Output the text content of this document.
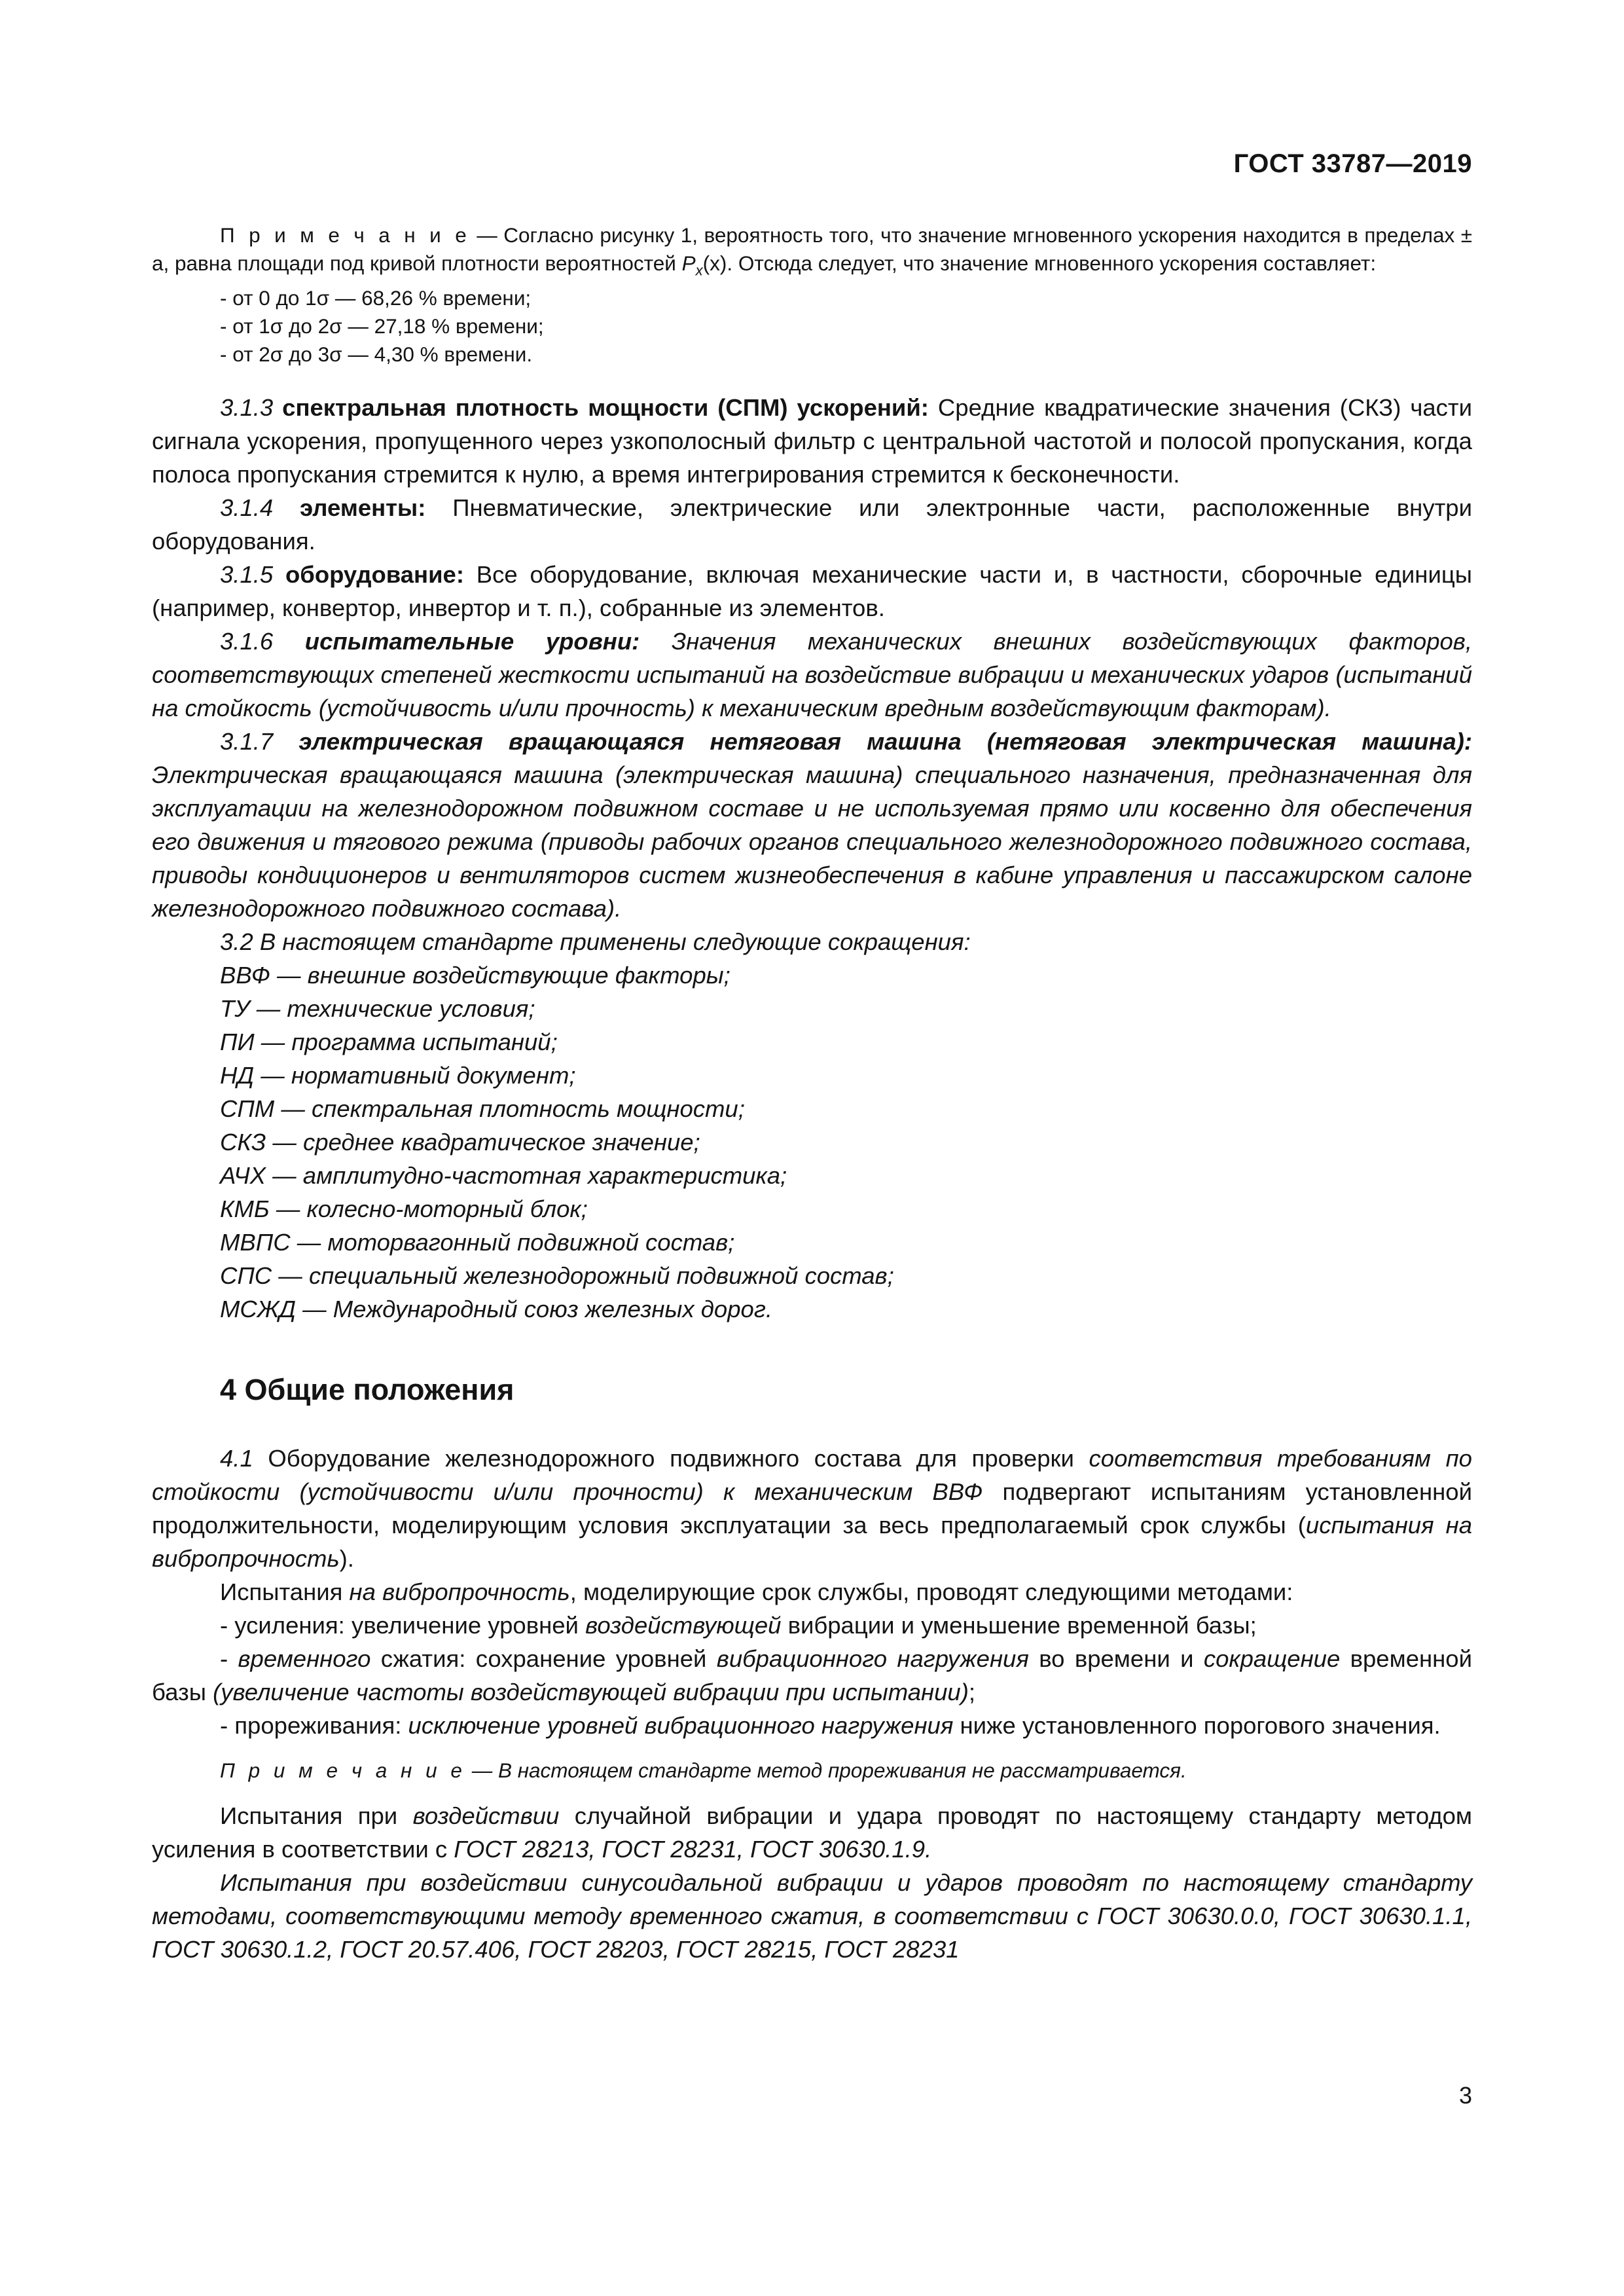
ГОСТ 33787—2019
П р и м е ч а н и е — Согласно рисунку 1, вероятность того, что значение мгновенного ускорения находится в пределах ± а, равна площади под кривой плотности вероятностей $P_x(x)$. Отсюда следует, что значение мгновенного ускорения составляет:
- от 0 до 1σ — 68,26 % времени;
- от 1σ до 2σ — 27,18 % времени;
- от 2σ до 3σ — 4,30 % времени.
3.1.3 спектральная плотность мощности (СПМ) ускорений: Средние квадратические значения (СКЗ) части сигнала ускорения, пропущенного через узкополосный фильтр с центральной частотой и полосой пропускания, когда полоса пропускания стремится к нулю, а время интегрирования стремится к бесконечности.
3.1.4 элементы: Пневматические, электрические или электронные части, расположенные внутри оборудования.
3.1.5 оборудование: Все оборудование, включая механические части и, в частности, сборочные единицы (например, конвертор, инвертор и т. п.), собранные из элементов.
3.1.6 испытательные уровни: Значения механических внешних воздействующих факторов, соответствующих степеней жесткости испытаний на воздействие вибрации и механических ударов (испытаний на стойкость (устойчивость и/или прочность) к механическим вредным воздействующим факторам).
3.1.7 электрическая вращающаяся нетяговая машина (нетяговая электрическая машина): Электрическая вращающаяся машина (электрическая машина) специального назначения, предназначенная для эксплуатации на железнодорожном подвижном составе и не используемая прямо или косвенно для обеспечения его движения и тягового режима (приводы рабочих органов специального железнодорожного подвижного состава, приводы кондиционеров и вентиляторов систем жизнеобеспечения в кабине управления и пассажирском салоне железнодорожного подвижного состава).
3.2 В настоящем стандарте применены следующие сокращения:
ВВФ — внешние воздействующие факторы;
ТУ — технические условия;
ПИ — программа испытаний;
НД — нормативный документ;
СПМ — спектральная плотность мощности;
СКЗ — среднее квадратическое значение;
АЧХ — амплитудно-частотная характеристика;
КМБ — колесно-моторный блок;
МВПС — моторвагонный подвижной состав;
СПС — специальный железнодорожный подвижной состав;
МСЖД — Международный союз железных дорог.
4 Общие положения
4.1 Оборудование железнодорожного подвижного состава для проверки соответствия требованиям по стойкости (устойчивости и/или прочности) к механическим ВВФ подвергают испытаниям установленной продолжительности, моделирующим условия эксплуатации за весь предполагаемый срок службы (испытания на вибропрочность).
Испытания на вибропрочность, моделирующие срок службы, проводят следующими методами:
- усиления: увеличение уровней воздействующей вибрации и уменьшение временной базы;
- временного сжатия: сохранение уровней вибрационного нагружения во времени и сокращение временной базы (увеличение частоты воздействующей вибрации при испытании);
- прореживания: исключение уровней вибрационного нагружения ниже установленного порогового значения.
П р и м е ч а н и е — В настоящем стандарте метод прореживания не рассматривается.
Испытания при воздействии случайной вибрации и удара проводят по настоящему стандарту методом усиления в соответствии с ГОСТ 28213, ГОСТ 28231, ГОСТ 30630.1.9.
Испытания при воздействии синусоидальной вибрации и ударов проводят по настоящему стандарту методами, соответствующими методу временного сжатия, в соответствии с ГОСТ 30630.0.0, ГОСТ 30630.1.1, ГОСТ 30630.1.2, ГОСТ 20.57.406, ГОСТ 28203, ГОСТ 28215, ГОСТ 28231
3
